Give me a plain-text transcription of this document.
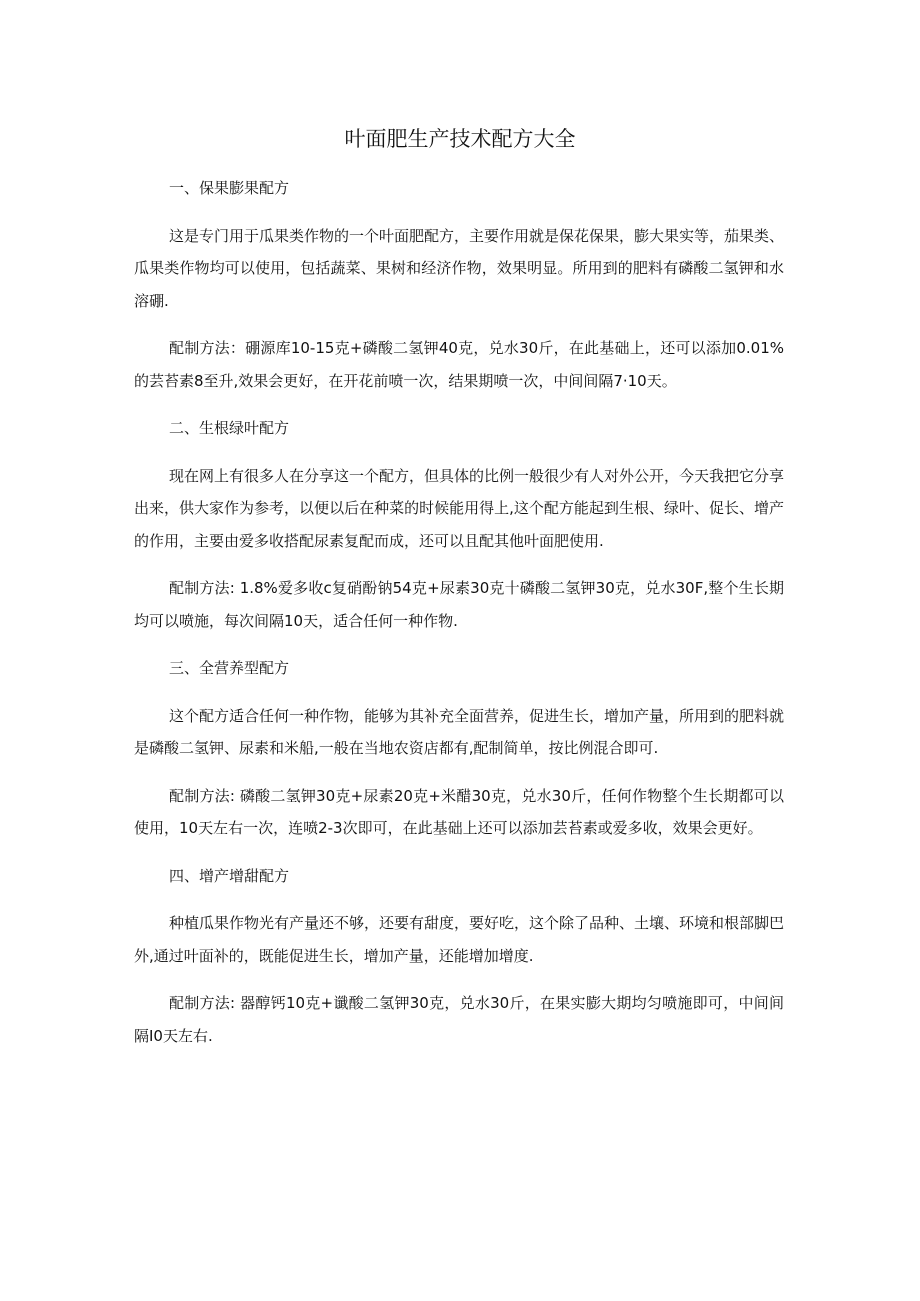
叶面肥生产技术配方大全

一、保果膨果配方

这是专门用于瓜果类作物的一个叶面肥配方，主要作用就是保花保果，膨大果实等，茄果类、瓜果类作物均可以使用，包括蔬菜、果树和经济作物，效果明显。所用到的肥料有磷酸二氢钾和水溶硼.

配制方法：硼源库10-15克+磷酸二氢钾40克，兑水30斤，在此基础上，还可以添加0.01%的芸苔素8至升,效果会更好，在开花前喷一次，结果期喷一次，中间间隔7·10天。

二、生根绿叶配方

现在网上有很多人在分享这一个配方，但具体的比例一般很少有人对外公开，今天我把它分享出来，供大家作为参考，以便以后在种菜的时候能用得上,这个配方能起到生根、绿叶、促长、增产的作用，主要由爱多收搭配尿素复配而成，还可以且配其他叶面肥使用.

配制方法: 1.8%爱多收c复硝酚钠54克+尿素30克十磷酸二氢钾30克，兑水30F,整个生长期均可以喷施，每次间隔10天，适合任何一种作物.

三、全营养型配方

这个配方适合任何一种作物，能够为其补充全面营养，促进生长，增加产量，所用到的肥料就是磷酸二氢钾、尿素和米船,一般在当地农资店都有,配制简单，按比例混合即可.

配制方法: 磷酸二氢钾30克+尿素20克+米醋30克，兑水30斤，任何作物整个生长期都可以使用，10天左右一次，连喷2-3次即可，在此基础上还可以添加芸苔素或爱多收，效果会更好。

四、增产增甜配方

种植瓜果作物光有产量还不够，还要有甜度，要好吃，这个除了品种、土壤、环境和根部脚巴外,通过叶面补的，既能促进生长，增加产量，还能增加增度.

配制方法: 器醇钙10克+谶酸二氢钾30克，兑水30斤，在果实膨大期均匀喷施即可，中间间隔I0天左右.
